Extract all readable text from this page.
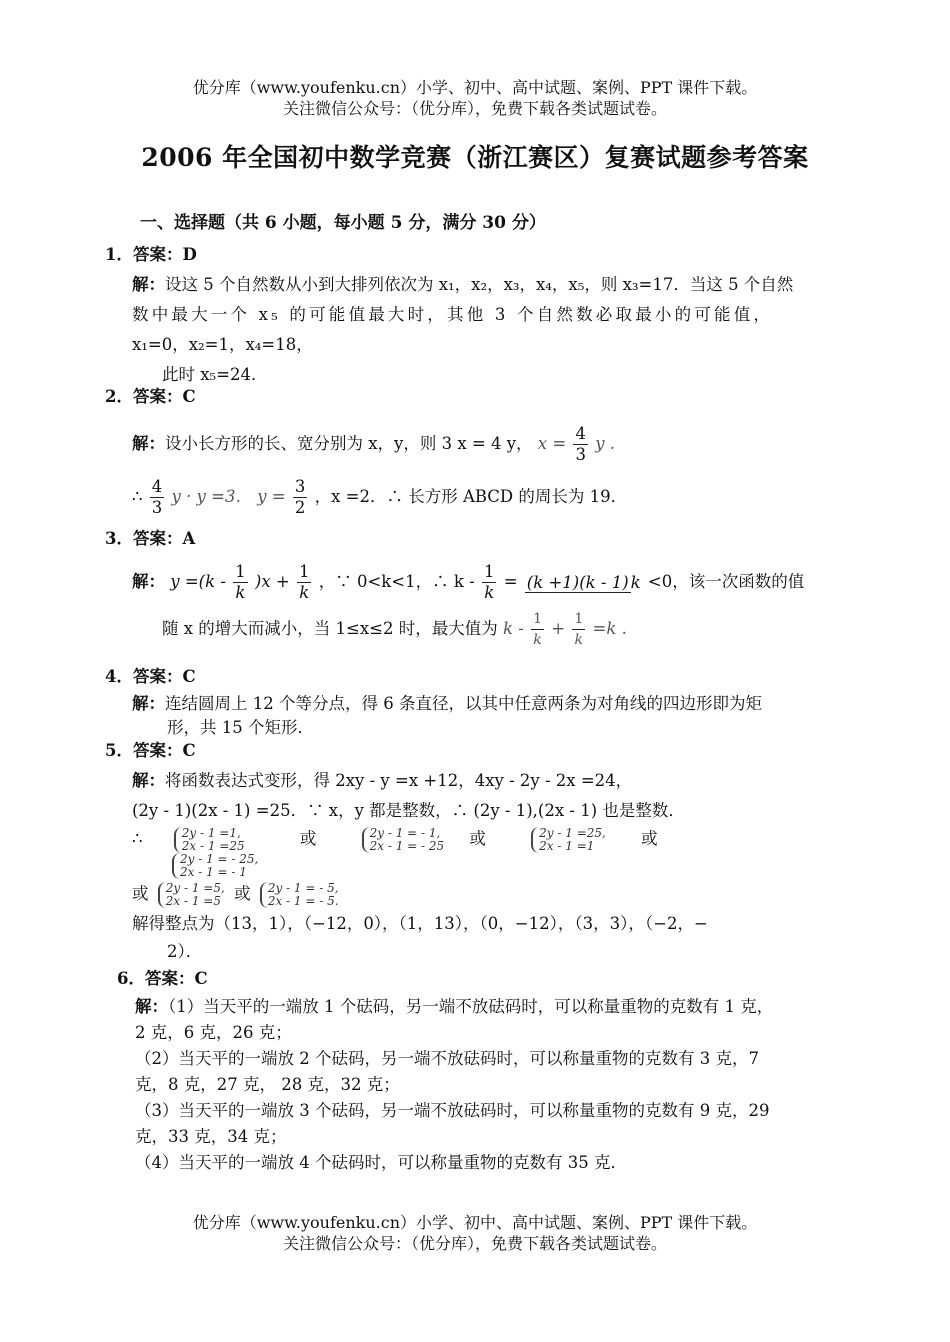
优分库（www.youfenku.cn）小学、初中、高中试题、案例、PPT 课件下载。
关注微信公众号：（优分库），免费下载各类试题试卷。
2006 年全国初中数学竞赛（浙江赛区）复赛试题参考答案
一、选择题（共 6 小题，每小题 5 分，满分 30 分）
1．答案：D
解：设这 5 个自然数从小到大排列依次为 x₁，x₂，x₃，x₄，x₅，则 x₃=17．当这 5 个自然
数中最大一个 x₅ 的可能值最大时，其他 3 个自然数必取最小的可能值，
x₁=0，x₂=1，x₄=18，
此时 x₅=24．
2．答案：C
解：设小长方形的长、宽分别为 x，y，则 3 x = 4 y， $x = \frac{4}{3}$ y .
∴ $\frac{4}{3}$ y · y =3． $y = \frac{3}{2}$ ，x =2．∴ 长方形 ABCD 的周长为 19．
3．答案：A
解： $y =(k - \frac{1}{k} )x + \frac{1}{k}$ ，∵ 0<k<1，∴ $k - \frac{1}{k} = (k +1)(k - 1)$ k <0，该一次函数的值
随 x 的增大而减小，当 1≤x≤2 时，最大值为 $k - \frac{1}{k} + \frac{1}{k} =k$ .
4．答案：C
解：连结圆周上 12 个等分点，得 6 条直径，以其中任意两条为对角线的四边形即为矩
形，共 15 个矩形．
5．答案：C
解：将函数表达式变形，得 2xy - y =x +12，4xy - 2y - 2x =24，
(2y - 1)(2x - 1) =25．∵ x，y 都是整数，∴ (2y - 1),(2x - 1) 也是整数．
∴	2y - 1 =1,
2x - 1 =25	或	2y - 1 = - 1,
2x - 1 = - 25 或	2y - 1 =25,
2x - 1 =1	或
2y - 1 = - 25,
2x - 1 = - 1
或 2y - 1 =5,
2x - 1 =5 或 2y - 1 = - 5,
2x - 1 = - 5.
解得整点为（13，1），（−12，0），（1，13），（0，−12），（3，3），（−2，−
2）．
6．答案：C
解：（1）当天平的一端放 1 个砝码，另一端不放砝码时，可以称量重物的克数有 1 克，
2 克，6 克，26 克；
（2）当天平的一端放 2 个砝码，另一端不放砝码时，可以称量重物的克数有 3 克，7
克，8 克，27 克， 28 克，32 克；
（3）当天平的一端放 3 个砝码，另一端不放砝码时，可以称量重物的克数有 9 克，29
克，33 克，34 克；
（4）当天平的一端放 4 个砝码时，可以称量重物的克数有 35 克．
优分库（www.youfenku.cn）小学、初中、高中试题、案例、PPT 课件下载。
关注微信公众号：（优分库），免费下载各类试题试卷。
